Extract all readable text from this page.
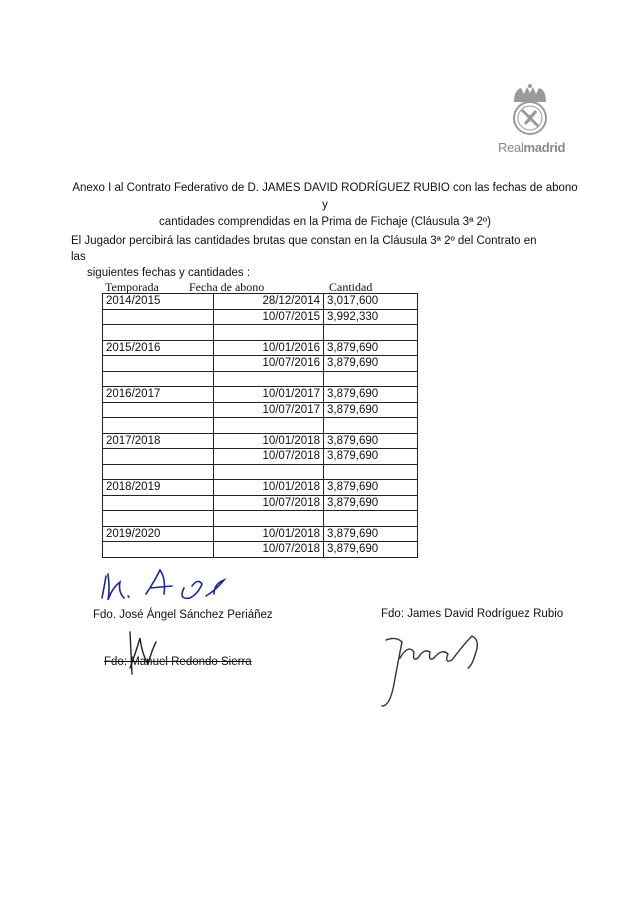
F
Realmadrid
Anexo I al Contrato Federativo de D. JAMES DAVID RODRÍGUEZ RUBIO con las fechas de abono y
cantidades comprendidas en la Prima de Fichaje (Cláusula 3ª 2º)
El Jugador percibirá las cantidades brutas que constan en la Cláusula 3ª 2º del Contrato en las
siguientes fechas y cantidades :
Temporada	Fecha de abono	Cantidad
2014/2015	28/12/2014	3,017,600
	10/07/2015	3,992,330

2015/2016	10/01/2016	3,879,690
	10/07/2016	3,879,690

2016/2017	10/01/2017	3,879,690
	10/07/2017	3,879,690

2017/2018	10/01/2018	3,879,690
	10/07/2018	3,879,690

2018/2019	10/01/2018	3,879,690
	10/07/2018	3,879,690

2019/2020	10/01/2018	3,879,690
	10/07/2018	3,879,690
Fdo. José Ángel Sánchez Periáñez
Fdo: Manuel Redondo Sierra
Fdo: James David Rodríguez Rubio
